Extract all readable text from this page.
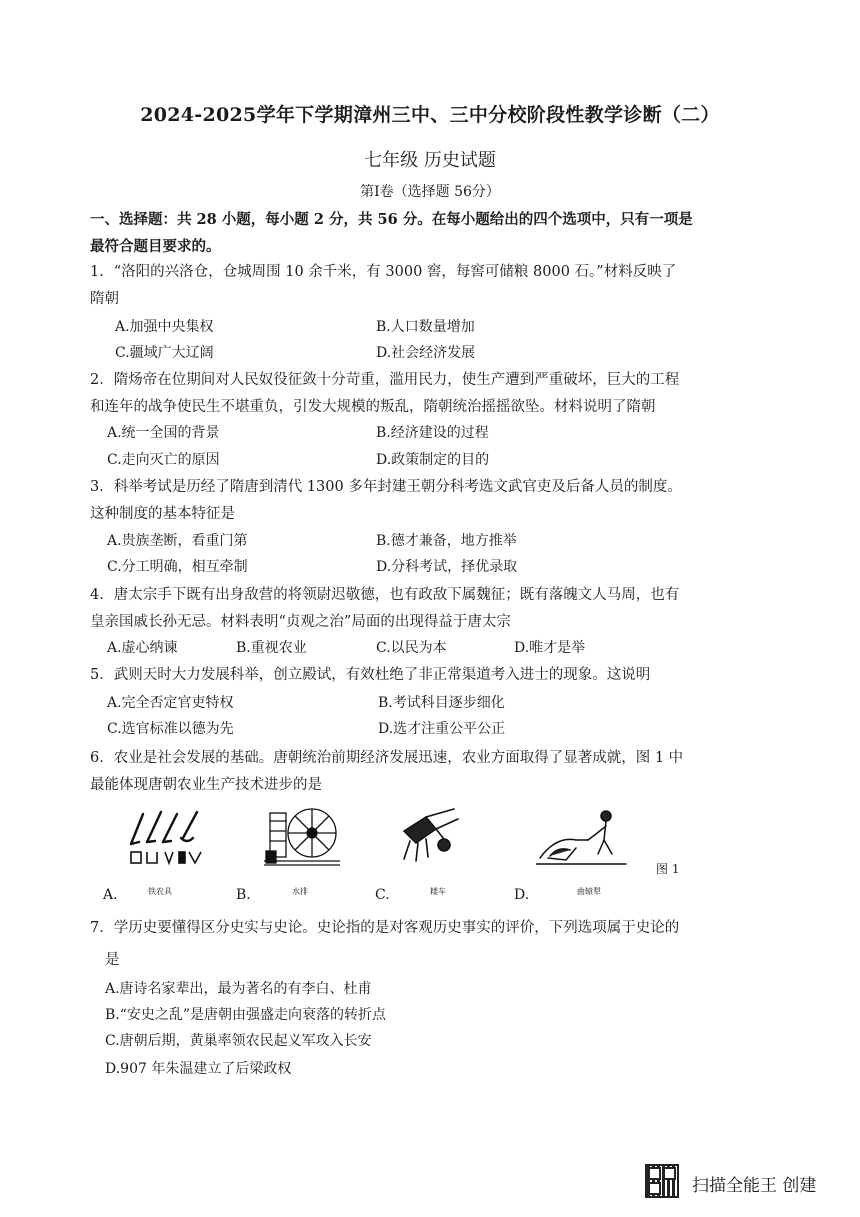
2024-2025学年下学期漳州三中、三中分校阶段性教学诊断（二）
七年级 历史试题
第Ⅰ卷（选择题 56分）
一、选择题：共 28 小题，每小题 2 分，共 56 分。在每小题给出的四个选项中，只有一项是
最符合题目要求的。
1．“洛阳的兴洛仓，仓城周围 10 余千米，有 3000 窖，每窖可储粮 8000 石。”材料反映了
隋朝
A.加强中央集权	B.人口数量增加
C.疆域广大辽阔	D.社会经济发展
2．隋炀帝在位期间对人民奴役征敛十分苛重，滥用民力，使生产遭到严重破坏，巨大的工程
和连年的战争使民生不堪重负，引发大规模的叛乱，隋朝统治摇摇欲坠。材料说明了隋朝
A.统一全国的背景	B.经济建设的过程
C.走向灭亡的原因	D.政策制定的目的
3．科举考试是历经了隋唐到清代 1300 多年封建王朝分科考选文武官吏及后备人员的制度。
这种制度的基本特征是
A.贵族垄断，看重门第	B.德才兼备，地方推举
C.分工明确，相互牵制	D.分科考试，择优录取
4．唐太宗手下既有出身敌营的将领尉迟敬德，也有政敌下属魏征；既有落魄文人马周，也有
皇亲国戚长孙无忌。材料表明“贞观之治”局面的出现得益于唐太宗
A.虚心纳谏	B.重视农业	C.以民为本	D.唯才是举
5．武则天时大力发展科举，创立殿试，有效杜绝了非正常渠道考入进士的现象。这说明
A.完全否定官吏特权	B.考试科目逐步细化
C.选官标准以德为先	D.选才注重公平公正
6．农业是社会发展的基础。唐朝统治前期经济发展迅速，农业方面取得了显著成就，图 1 中
最能体现唐朝农业生产技术进步的是
A.	铁农具	B.	水排	C.	耧车	D.	曲辕犁
图 1
7．学历史要懂得区分史实与史论。史论指的是对客观历史事实的评价，下列选项属于史论的
是
A.唐诗名家辈出，最为著名的有李白、杜甫
B.“安史之乱”是唐朝由强盛走向衰落的转折点
C.唐朝后期，黄巢率领农民起义军攻入长安
D.907 年朱温建立了后梁政权
扫描全能王 创建
